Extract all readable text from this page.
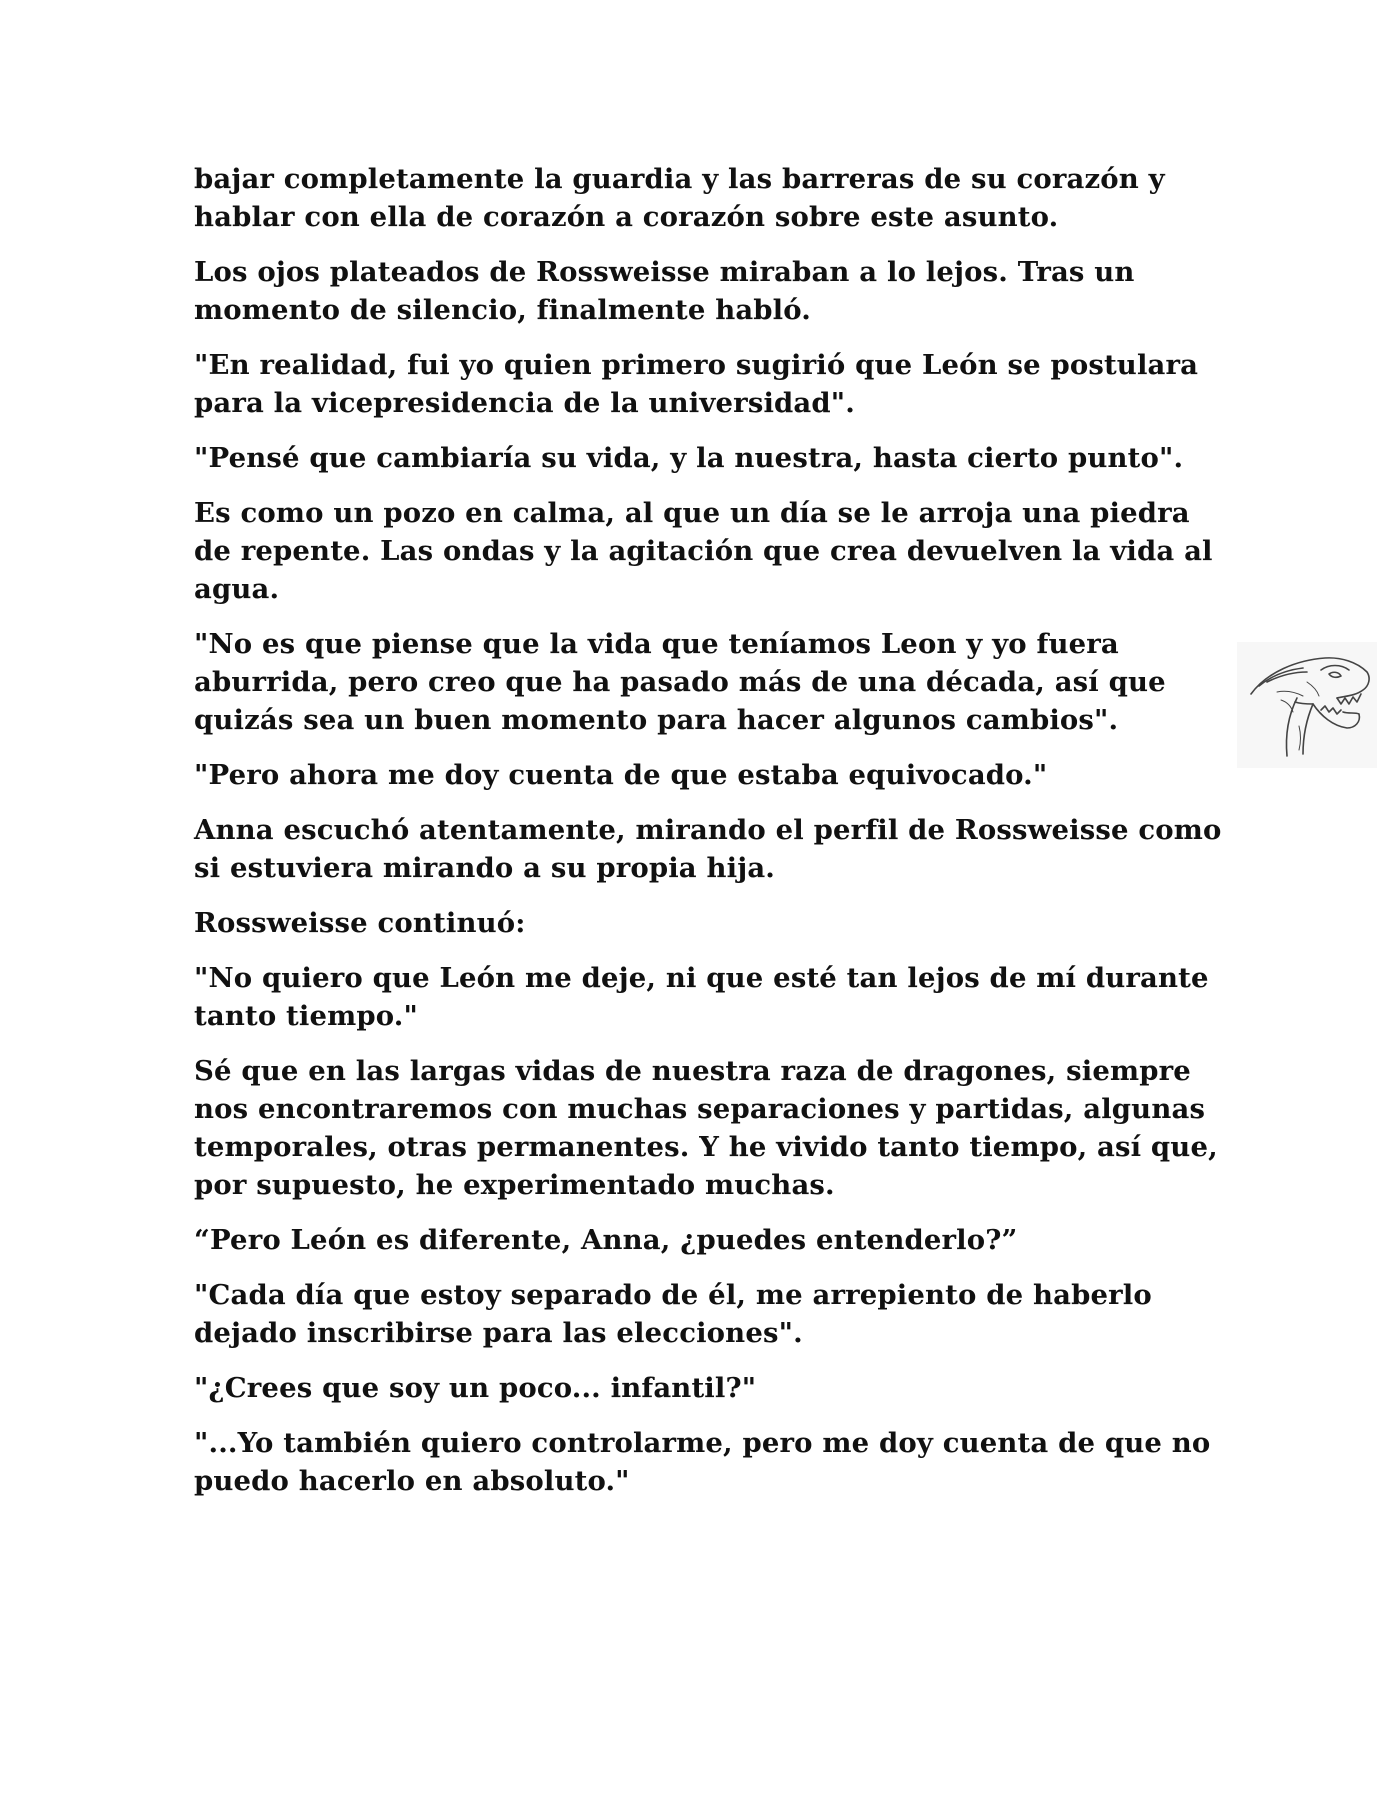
bajar completamente la guardia y las barreras de su corazón y hablar con ella de corazón a corazón sobre este asunto.

Los ojos plateados de Rossweisse miraban a lo lejos. Tras un momento de silencio, finalmente habló.

"En realidad, fui yo quien primero sugirió que León se postulara para la vicepresidencia de la universidad".

"Pensé que cambiaría su vida, y la nuestra, hasta cierto punto".

Es como un pozo en calma, al que un día se le arroja una piedra de repente. Las ondas y la agitación que crea devuelven la vida al agua.

"No es que piense que la vida que teníamos Leon y yo fuera aburrida, pero creo que ha pasado más de una década, así que quizás sea un buen momento para hacer algunos cambios".

"Pero ahora me doy cuenta de que estaba equivocado."

Anna escuchó atentamente, mirando el perfil de Rossweisse como si estuviera mirando a su propia hija.

Rossweisse continuó:

"No quiero que León me deje, ni que esté tan lejos de mí durante tanto tiempo."

Sé que en las largas vidas de nuestra raza de dragones, siempre nos encontraremos con muchas separaciones y partidas, algunas temporales, otras permanentes. Y he vivido tanto tiempo, así que, por supuesto, he experimentado muchas.

“Pero León es diferente, Anna, ¿puedes entenderlo?”

"Cada día que estoy separado de él, me arrepiento de haberlo dejado inscribirse para las elecciones".

"¿Crees que soy un poco... infantil?"

"...Yo también quiero controlarme, pero me doy cuenta de que no puedo hacerlo en absoluto."
